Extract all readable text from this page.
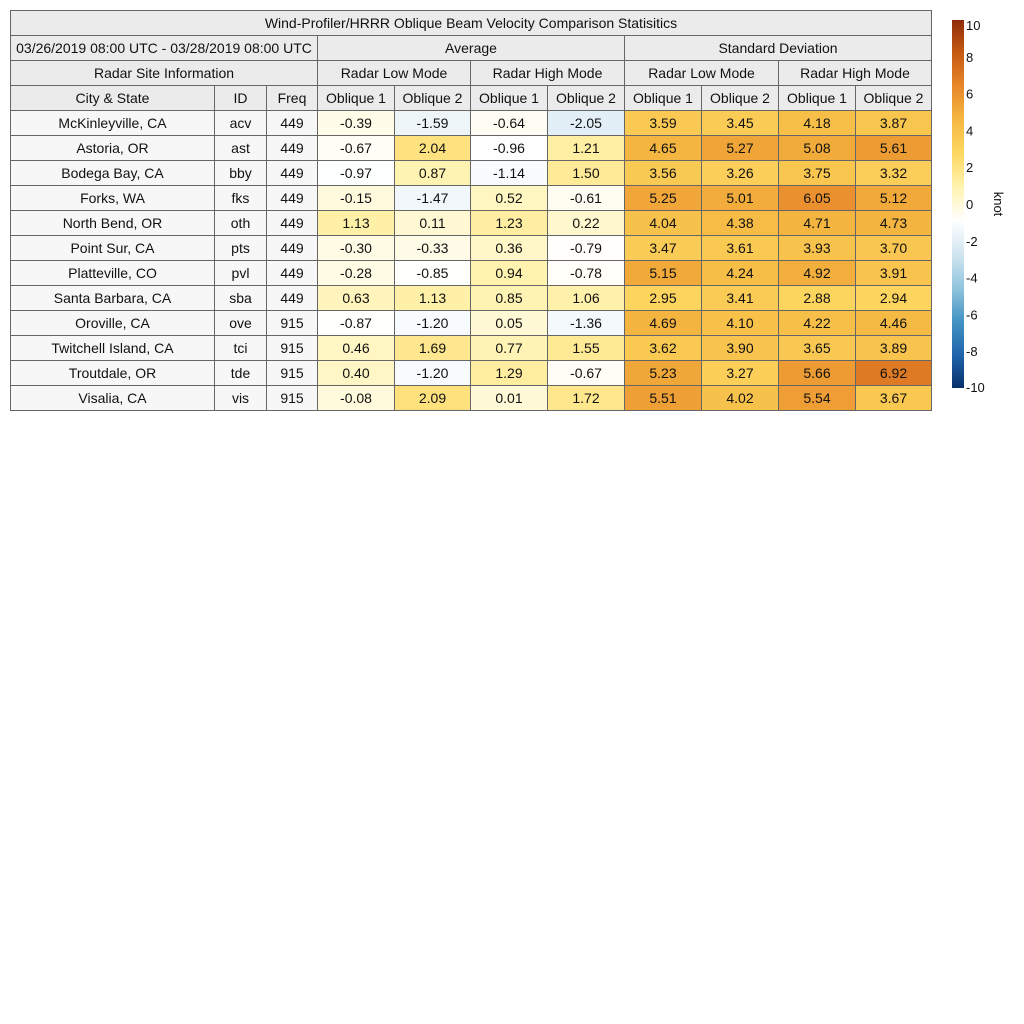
Wind-Profiler/HRRR Oblique Beam Velocity Comparison Statisitics										
03/26/2019 08:00 UTC - 03/28/2019 08:00 UTC			Average				Standard Deviation			
Radar Site Information			Radar Low Mode		Radar High Mode		Radar Low Mode		Radar High Mode	
City & State	ID	Freq	Oblique 1	Oblique 2	Oblique 1	Oblique 2	Oblique 1	Oblique 2	Oblique 1	Oblique 2
McKinleyville, CA	acv	449	-0.39	-1.59	-0.64	-2.05	3.59	3.45	4.18	3.87
Astoria, OR	ast	449	-0.67	2.04	-0.96	1.21	4.65	5.27	5.08	5.61
Bodega Bay, CA	bby	449	-0.97	0.87	-1.14	1.50	3.56	3.26	3.75	3.32
Forks, WA	fks	449	-0.15	-1.47	0.52	-0.61	5.25	5.01	6.05	5.12
North Bend, OR	oth	449	1.13	0.11	1.23	0.22	4.04	4.38	4.71	4.73
Point Sur, CA	pts	449	-0.30	-0.33	0.36	-0.79	3.47	3.61	3.93	3.70
Platteville, CO	pvl	449	-0.28	-0.85	0.94	-0.78	5.15	4.24	4.92	3.91
Santa Barbara, CA	sba	449	0.63	1.13	0.85	1.06	2.95	3.41	2.88	2.94
Oroville, CA	ove	915	-0.87	-1.20	0.05	-1.36	4.69	4.10	4.22	4.46
Twitchell Island, CA	tci	915	0.46	1.69	0.77	1.55	3.62	3.90	3.65	3.89
Troutdale, OR	tde	915	0.40	-1.20	1.29	-0.67	5.23	3.27	5.66	6.92
Visalia, CA	vis	915	-0.08	2.09	0.01	1.72	5.51	4.02	5.54	3.67
10
8
6
4
2
0
-2
-4
-6
-8
-10
knot
